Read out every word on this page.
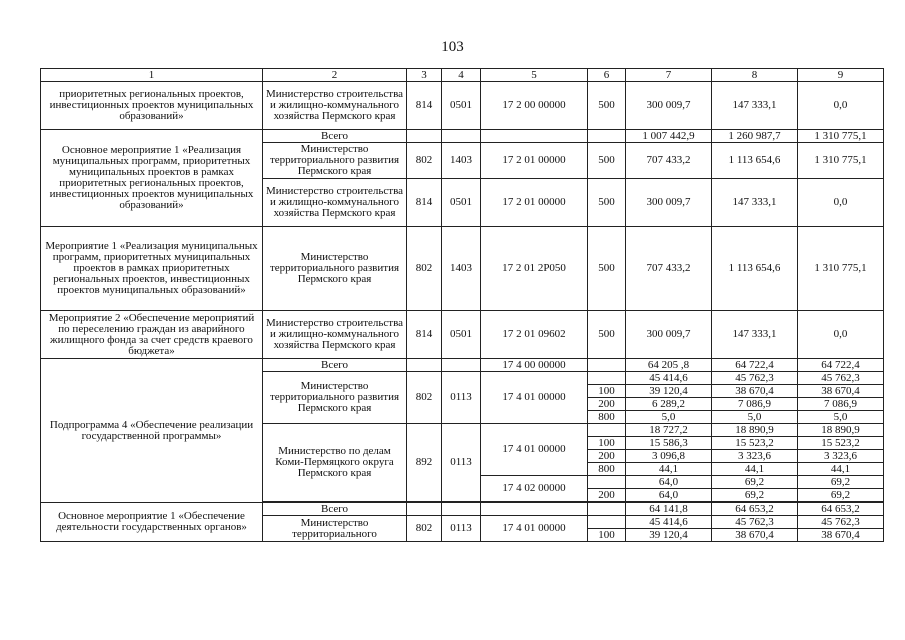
103
1	2	3	4	5	6	7	8	9
приоритетных региональных проектов, инвестиционных проектов муниципальных образований»	Министерство строительства и жилищно-коммунального хозяйства Пермского края	814	0501	17 2 00 00000	500	300 009,7	147 333,1	0,0
Основное мероприятие 1 «Реализация муниципальных программ, приоритетных муниципальных проектов в рамках приоритетных региональных проектов, инвестиционных проектов муниципальных образований»	Всего					1 007 442,9	1 260 987,7	1 310 775,1
	Министерство территориального развития Пермского края	802	1403	17 2 01 00000	500	707 433,2	1 113 654,6	1 310 775,1
	Министерство строительства и жилищно-коммунального хозяйства Пермского края	814	0501	17 2 01 00000	500	300 009,7	147 333,1	0,0
Мероприятие 1 «Реализация муниципальных программ, приоритетных муниципальных проектов в рамках приоритетных региональных проектов, инвестиционных проектов муниципальных образований»	Министерство территориального развития Пермского края	802	1403	17 2 01 2Р050	500	707 433,2	1 113 654,6	1 310 775,1
Мероприятие 2 «Обеспечение мероприятий по переселению граждан из аварийного жилищного фонда за счет средств краевого бюджета»	Министерство строительства и жилищно-коммунального хозяйства Пермского края	814	0501	17 2 01 09602	500	300 009,7	147 333,1	0,0
Подпрограмма 4 «Обеспечение реализации государственной программы»	Всего			17 4 00 00000		64 205 ,8	64 722,4	64 722,4
	Министерство территориального развития Пермского края	802	0113	17 4 01 00000		45 414,6	45 762,3	45 762,3
					100	39 120,4	38 670,4	38 670,4
					200	6 289,2	7 086,9	7 086,9
					800	5,0	5,0	5,0
	Министерство по делам Коми-Пермяцкого округа Пермского края	892	0113	17 4 01 00000		18 727,2	18 890,9	18 890,9
					100	15 586,3	15 523,2	15 523,2
					200	3 096,8	3 323,6	3 323,6
					800	44,1	44,1	44,1
				17 4 02 00000		64,0	69,2	69,2
					200	64,0	69,2	69,2

Основное мероприятие 1 «Обеспечение деятельности государственных органов»	Всего					64 141,8	64 653,2	64 653,2
	Министерство территориального	802	0113	17 4 01 00000		45 414,6	45 762,3	45 762,3
					100	39 120,4	38 670,4	38 670,4
